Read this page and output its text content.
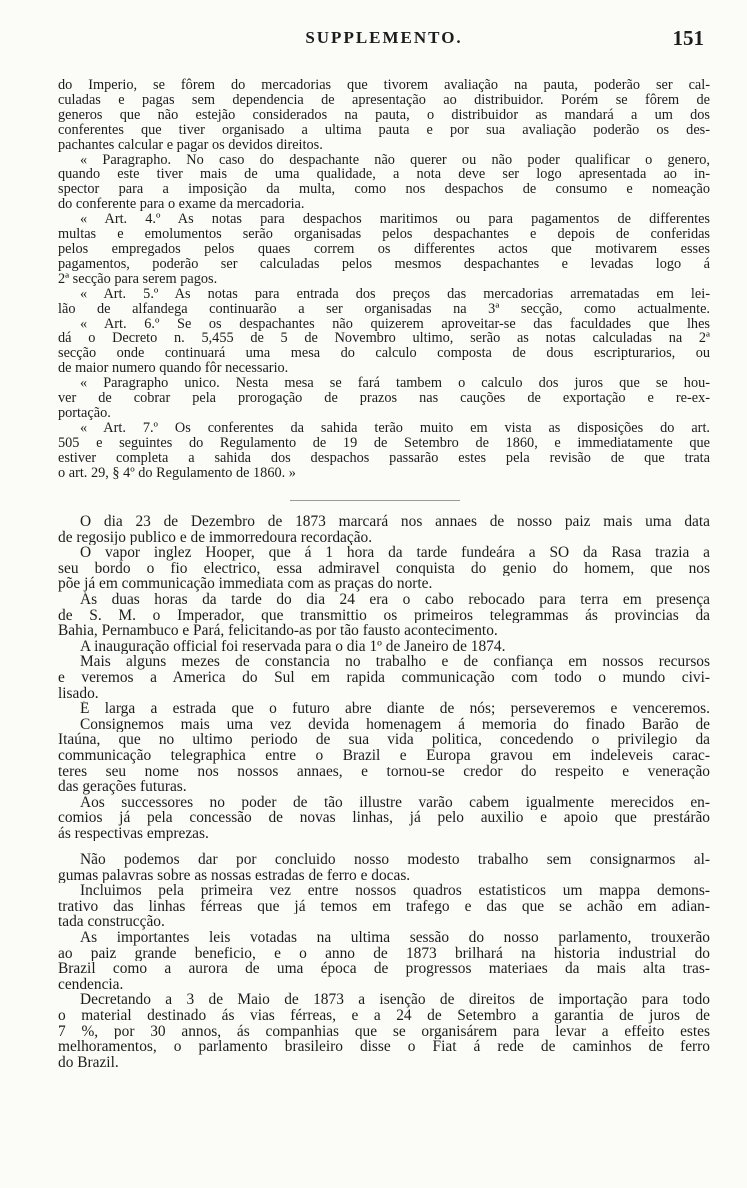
SUPPLEMENTO.	151

do Imperio, se fôrem do mercadorias que tivorem avaliação na pauta, poderão ser cal-

culadas e pagas sem dependencia de apresentação ao distribuidor. Porém se fôrem de

generos que não estejão considerados na pauta, o distribuidor as mandará a um dos

conferentes que tiver organisado a ultima pauta e por sua avaliação poderão os des-

pachantes calcular e pagar os devidos direitos.

« Paragrapho. No caso do despachante não querer ou não poder qualificar o genero,

quando este tiver mais de uma qualidade, a nota deve ser logo apresentada ao in-

spector para a imposição da multa, como nos despachos de consumo e nomeação

do conferente para o exame da mercadoria.

« Art. 4.º As notas para despachos maritimos ou para pagamentos de differentes

multas e emolumentos serão organisadas pelos despachantes e depois de conferidas

pelos empregados pelos quaes correm os differentes actos que motivarem esses

pagamentos, poderão ser calculadas pelos mesmos despachantes e levadas logo á

2ª secção para serem pagos.

« Art. 5.º As notas para entrada dos preços das mercadorias arrematadas em lei-

lão de alfandega continuarão a ser organisadas na 3ª secção, como actualmente.

« Art. 6.º Se os despachantes não quizerem aproveitar-se das faculdades que lhes

dá o Decreto n. 5,455 de 5 de Novembro ultimo, serão as notas calculadas na 2ª

secção onde continuará uma mesa do calculo composta de dous escripturarios, ou

de maior numero quando fôr necessario.

« Paragrapho unico. Nesta mesa se fará tambem o calculo dos juros que se hou-

ver de cobrar pela prorogação de prazos nas cauções de exportação e re-ex-

portação.

« Art. 7.º Os conferentes da sahida terão muito em vista as disposições do art.

505 e seguintes do Regulamento de 19 de Setembro de 1860, e immediatamente que

estiver completa a sahida dos despachos passarão estes pela revisão de que trata

o art. 29, § 4º do Regulamento de 1860. »

O dia 23 de Dezembro de 1873 marcará nos annaes de nosso paiz mais uma data

de regosijo publico e de immorredoura recordação.

O vapor inglez Hooper, que á 1 hora da tarde fundeára a SO da Rasa trazia a

seu bordo o fio electrico, essa admiravel conquista do genio do homem, que nos

põe já em communicação immediata com as praças do norte.

Ás duas horas da tarde do dia 24 era o cabo rebocado para terra em presença

de S. M. o Imperador, que transmittio os primeiros telegrammas ás provincias da

Bahia, Pernambuco e Pará, felicitando-as por tão fausto acontecimento.

A inauguração official foi reservada para o dia 1º de Janeiro de 1874.

Mais alguns mezes de constancia no trabalho e de confiança em nossos recursos

e veremos a America do Sul em rapida communicação com todo o mundo civi-

lisado.

É larga a estrada que o futuro abre diante de nós; perseveremos e venceremos.

Consignemos mais uma vez devida homenagem á memoria do finado Barão de

Itaúna, que no ultimo periodo de sua vida politica, concedendo o privilegio da

communicação telegraphica entre o Brazil e Europa gravou em indeleveis carac-

teres seu nome nos nossos annaes, e tornou-se credor do respeito e veneração

das gerações futuras.

Aos successores no poder de tão illustre varão cabem igualmente merecidos en-

comios já pela concessão de novas linhas, já pelo auxilio e apoio que prestárão

ás respectivas emprezas.

Não podemos dar por concluido nosso modesto trabalho sem consignarmos al-

gumas palavras sobre as nossas estradas de ferro e docas.

Incluimos pela primeira vez entre nossos quadros estatisticos um mappa demons-

trativo das linhas férreas que já temos em trafego e das que se achão em adian-

tada construcção.

As importantes leis votadas na ultima sessão do nosso parlamento, trouxerão

ao paiz grande beneficio, e o anno de 1873 brilhará na historia industrial do

Brazil como a aurora de uma época de progressos materiaes da mais alta tras-

cendencia.

Decretando a 3 de Maio de 1873 a isenção de direitos de importação para todo

o material destinado ás vias férreas, e a 24 de Setembro a garantia de juros de

7 %, por 30 annos, ás companhias que se organisárem para levar a effeito estes

melhoramentos, o parlamento brasileiro disse o Fiat á rede de caminhos de ferro

do Brazil.
